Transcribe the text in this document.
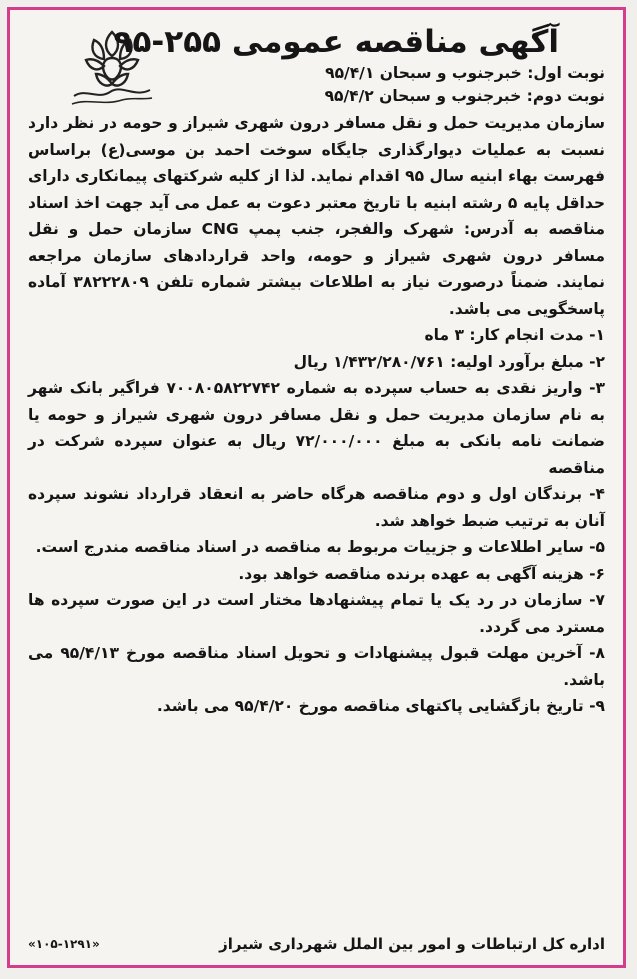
آگهی مناقصه عمومی ۲۵۵-۹۵

نوبت اول: خبرجنوب و سبحان ۹۵/۴/۱

نوبت دوم: خبرجنوب و سبحان ۹۵/۴/۲

سازمان مدیریت حمل و نقل مسافر درون شهری شیراز و حومه در نظر دارد نسبت به عملیات دیوارگذاری جایگاه سوخت احمد بن موسی(ع) براساس فهرست بهاء ابنیه سال ۹۵ اقدام نماید. لذا از کلیه شرکتهای پیمانکاری دارای حداقل پایه ۵ رشته ابنیه با تاریخ معتبر دعوت به عمل می آید جهت اخذ اسناد مناقصه به آدرس: شهرک والفجر، جنب پمپ CNG سازمان حمل و نقل مسافر درون شهری شیراز و حومه، واحد قراردادهای سازمان مراجعه نمایند. ضمناً درصورت نیاز به اطلاعات بیشتر شماره تلفن ۳۸۲۲۲۸۰۹ آماده پاسخگویی می باشد.

۱- مدت انجام کار: ۳ ماه

۲- مبلغ برآورد اولیه: ۱/۴۳۲/۲۸۰/۷۶۱ ریال

۳- واریز نقدی به حساب سپرده به شماره ۷۰۰۸۰۵۸۲۲۷۴۲ فراگیر بانک شهر به نام سازمان مدیریت حمل و نقل مسافر درون شهری شیراز و حومه یا ضمانت نامه بانکی به مبلغ ۷۲/۰۰۰/۰۰۰ ریال به عنوان سپرده شرکت در مناقصه

۴- برندگان اول و دوم مناقصه هرگاه حاضر به انعقاد قرارداد نشوند سپرده آنان به ترتیب ضبط خواهد شد.

۵- سایر اطلاعات و جزییات مربوط به مناقصه در اسناد مناقصه مندرج است.

۶- هزینه آگهی به عهده برنده مناقصه خواهد بود.

۷- سازمان در رد یک یا تمام پیشنهادها مختار است در این صورت سپرده ها مسترد می گردد.

۸- آخرین مهلت قبول پیشنهادات و تحویل اسناد مناقصه مورخ ۹۵/۴/۱۳ می باشد.

۹- تاریخ بازگشایی پاکتهای مناقصه مورخ ۹۵/۴/۲۰ می باشد.

اداره کل ارتباطات و امور بین الملل شهرداری شیراز
«۱۰۵-۱۲۹۱»
